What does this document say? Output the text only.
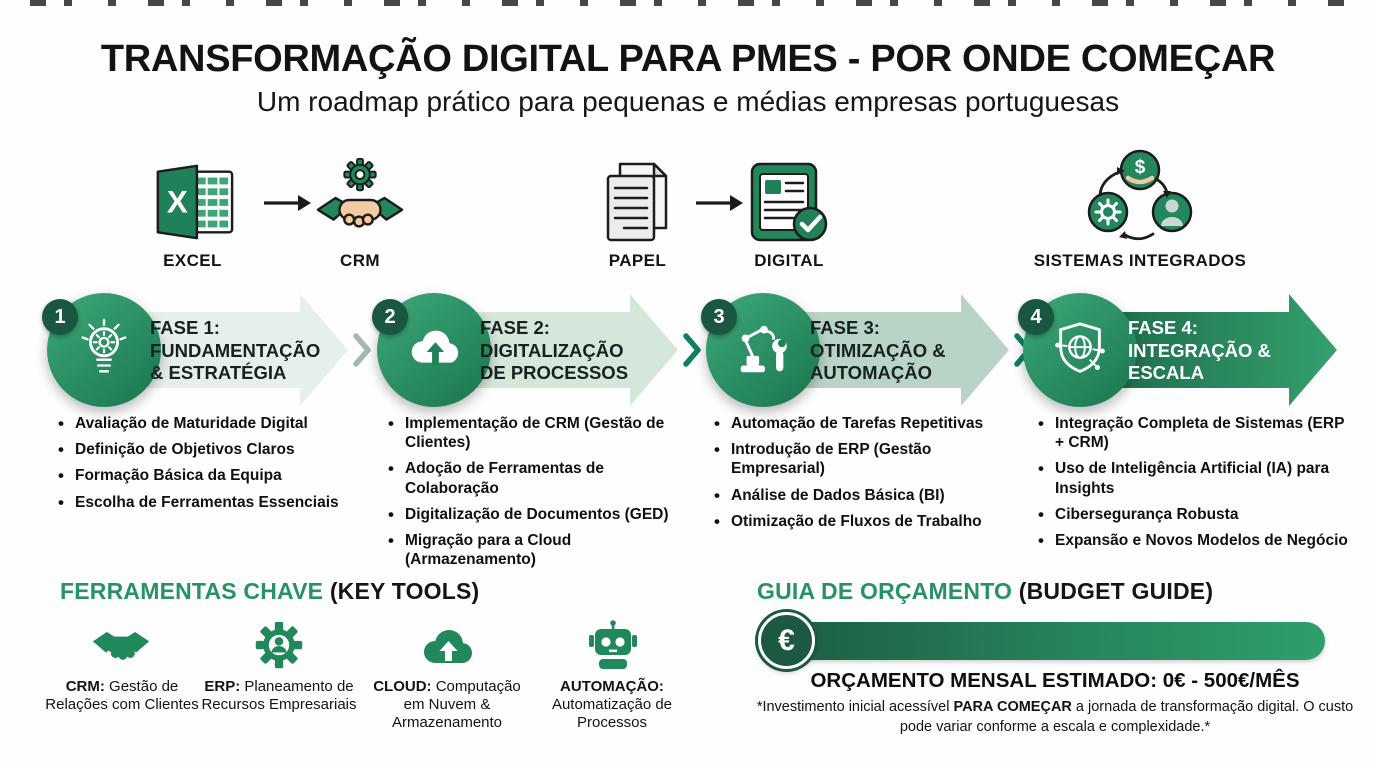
TRANSFORMAÇÃO DIGITAL PARA PMES - POR ONDE COMEÇAR
Um roadmap prático para pequenas e médias empresas portuguesas
X
EXCEL	CRM	PAPEL	DIGITAL
$
SISTEMAS INTEGRADOS
1	2	3	4
FASE 1:
FUNDAMENTAÇÃO
& ESTRATÉGIA
FASE 2:
DIGITALIZAÇÃO
DE PROCESSOS
FASE 3:
OTIMIZAÇÃO &
AUTOMAÇÃO
FASE 4:
INTEGRAÇÃO &
ESCALA
• Avaliação de Maturidade Digital
• Definição de Objetivos Claros
• Formação Básica da Equipa
• Escolha de Ferramentas Essenciais
• Implementação de CRM (Gestão de Clientes)
• Adoção de Ferramentas de Colaboração
• Digitalização de Documentos (GED)
• Migração para a Cloud (Armazenamento)
• Automação de Tarefas Repetitivas
• Introdução de ERP (Gestão Empresarial)
• Análise de Dados Básica (BI)
• Otimização de Fluxos de Trabalho
• Integração Completa de Sistemas (ERP + CRM)
• Uso de Inteligência Artificial (IA) para Insights
• Cibersegurança Robusta
• Expansão e Novos Modelos de Negócio
FERRAMENTAS CHAVE (KEY TOOLS)
CRM: Gestão de Relações com Clientes
ERP: Planeamento de Recursos Empresariais
CLOUD: Computação em Nuvem & Armazenamento
AUTOMAÇÃO: Automatização de Processos
GUIA DE ORÇAMENTO (BUDGET GUIDE)
€
ORÇAMENTO MENSAL ESTIMADO: 0€ - 500€/MÊS
*Investimento inicial acessível PARA COMEÇAR a jornada de transformação digital. O custo pode variar conforme a escala e complexidade.*
